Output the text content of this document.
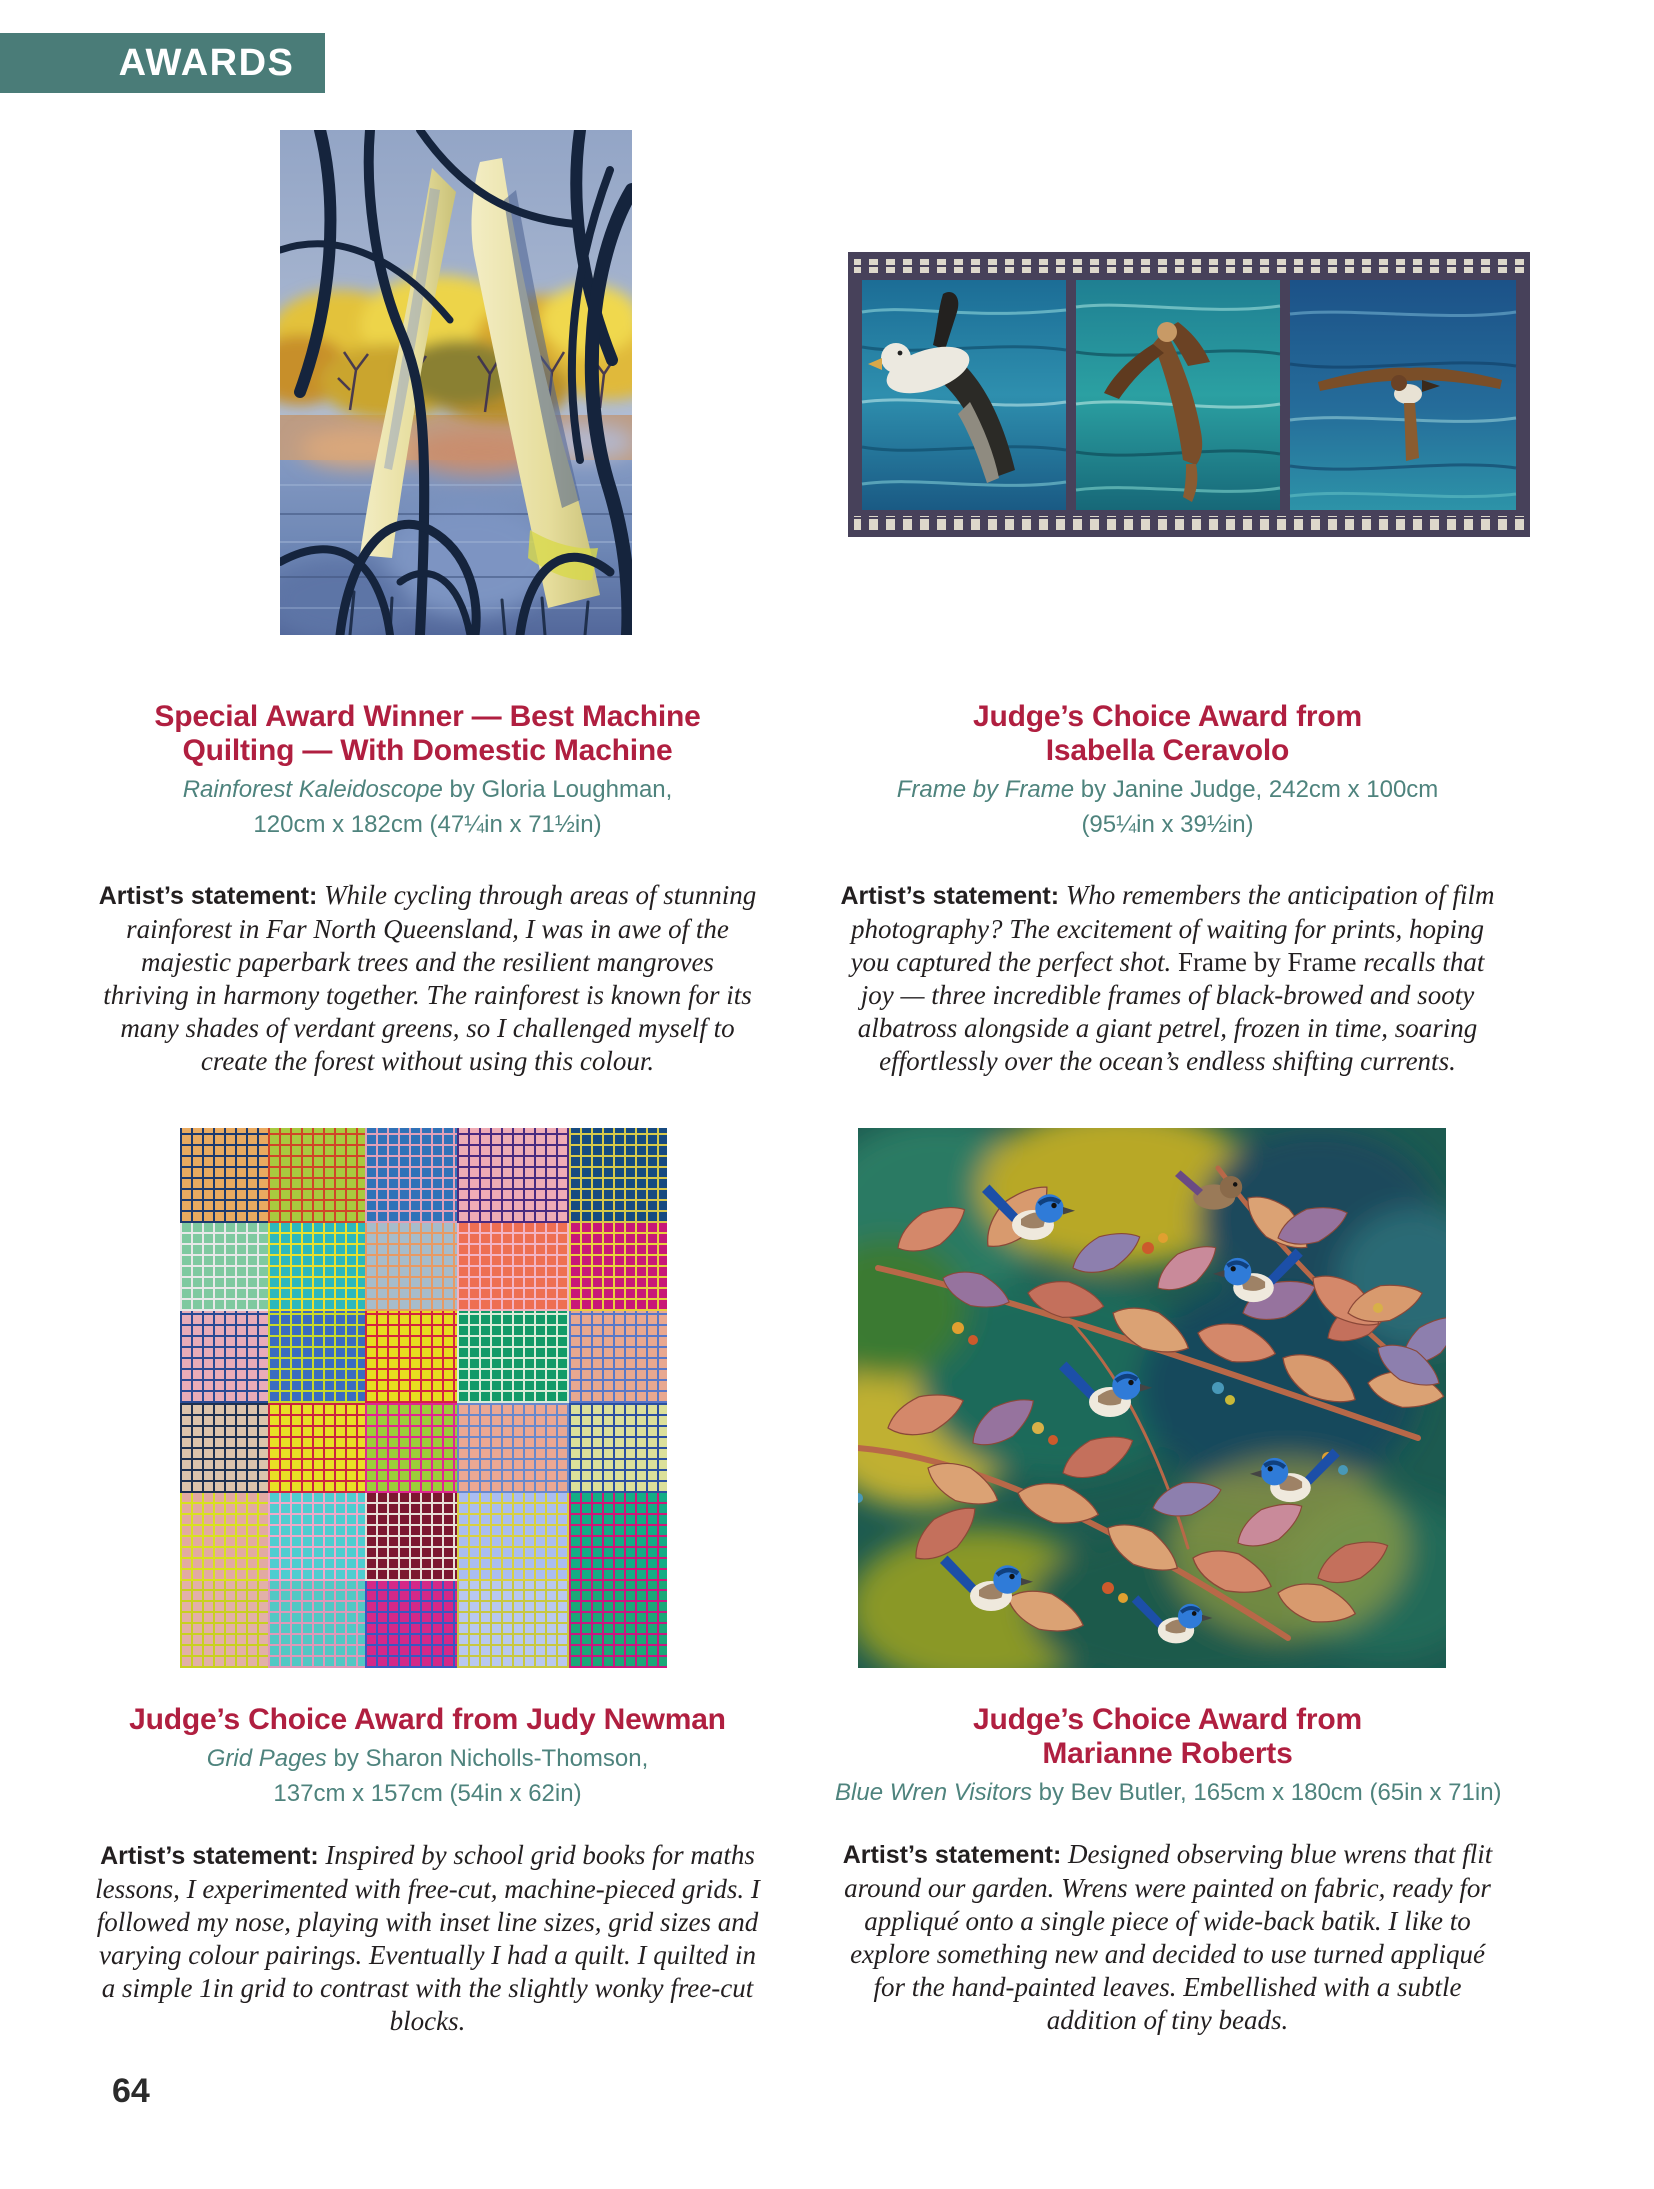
AWARDS
Special Award Winner — Best Machine
Quilting — With Domestic Machine
Rainforest Kaleidoscope by Gloria Loughman,
120cm x 182cm (47¼in x 71½in)

Artist’s statement: While cycling through areas of stunning rainforest in Far North Queensland, I was in awe of the majestic paperbark trees and the resilient mangroves thriving in harmony together. The rainforest is known for its many shades of verdant greens, so I challenged myself to create the forest without using this colour.

Judge’s Choice Award from
Isabella Ceravolo
Frame by Frame by Janine Judge, 242cm x 100cm
(95¼in x 39½in)

Artist’s statement: Who remembers the anticipation of film photography? The excitement of waiting for prints, hoping you captured the perfect shot. Frame by Frame recalls that joy — three incredible frames of black-browed and sooty albatross alongside a giant petrel, frozen in time, soaring effortlessly over the ocean’s endless shifting currents.

Judge’s Choice Award from Judy Newman
Grid Pages by Sharon Nicholls-Thomson,
137cm x 157cm (54in x 62in)

Artist’s statement: Inspired by school grid books for maths lessons, I experimented with free-cut, machine-pieced grids. I followed my nose, playing with inset line sizes, grid sizes and varying colour pairings. Eventually I had a quilt. I quilted in a simple 1in grid to contrast with the slightly wonky free-cut blocks.

Judge’s Choice Award from
Marianne Roberts
Blue Wren Visitors by Bev Butler, 165cm x 180cm (65in x 71in)

Artist’s statement: Designed observing blue wrens that flit around our garden. Wrens were painted on fabric, ready for appliqué onto a single piece of wide-back batik. I like to explore something new and decided to use turned appliqué for the hand-painted leaves. Embellished with a subtle addition of tiny beads.

64
